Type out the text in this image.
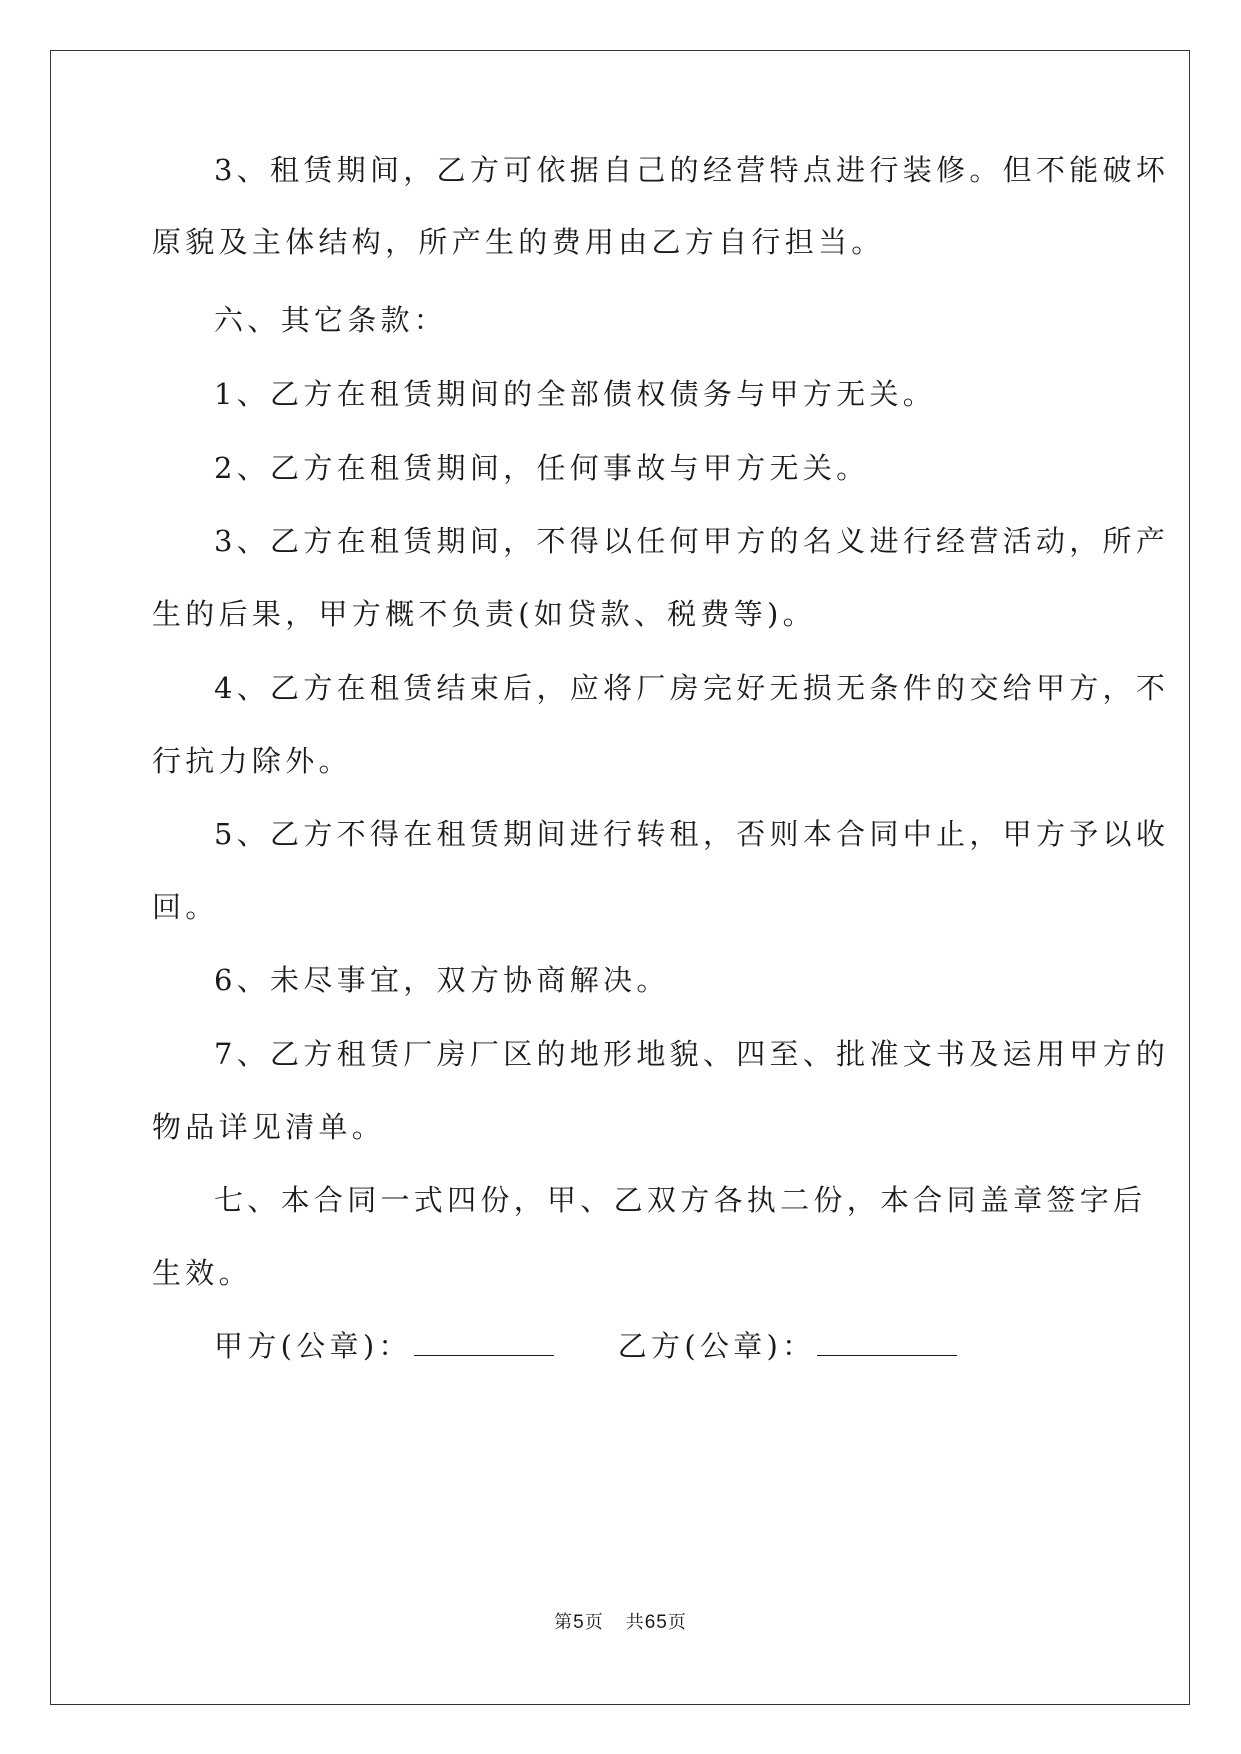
3、租赁期间，乙方可依据自己的经营特点进行装修。但不能破坏
原貌及主体结构，所产生的费用由乙方自行担当。
六、其它条款：
1、乙方在租赁期间的全部债权债务与甲方无关。
2、乙方在租赁期间，任何事故与甲方无关。
3、乙方在租赁期间，不得以任何甲方的名义进行经营活动，所产
生的后果，甲方概不负责(如贷款、税费等)。
4、乙方在租赁结束后，应将厂房完好无损无条件的交给甲方，不
行抗力除外。
5、乙方不得在租赁期间进行转租，否则本合同中止，甲方予以收
回。
6、未尽事宜，双方协商解决。
7、乙方租赁厂房厂区的地形地貌、四至、批准文书及运用甲方的
物品详见清单。
七、本合同一式四份，甲、乙双方各执二份，本合同盖章签字后
生效。
甲方(公章)：	乙方(公章)：
第5页 共65页
